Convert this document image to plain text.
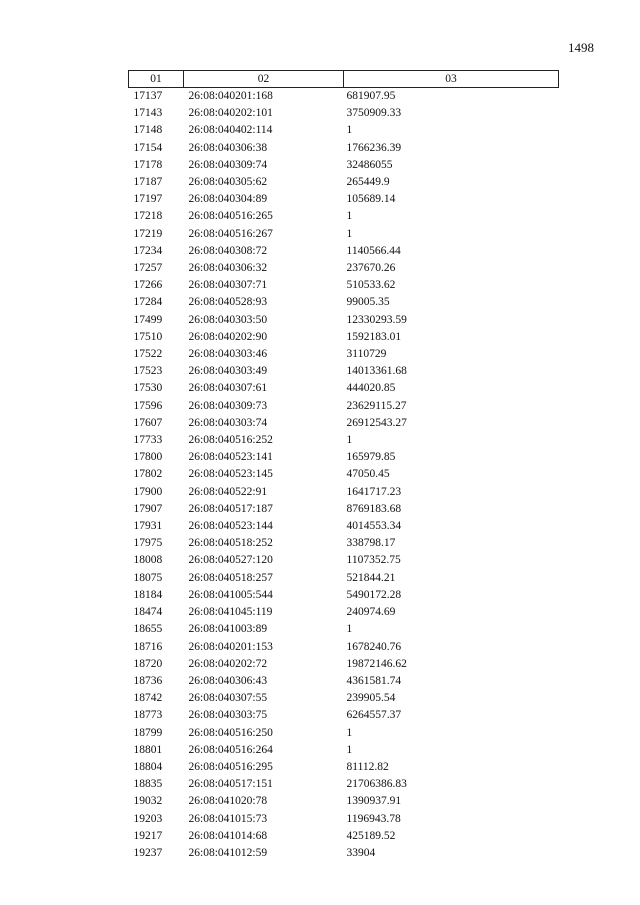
1498
01	02	03
17137	26:08:040201:168	681907.95
17143	26:08:040202:101	3750909.33
17148	26:08:040402:114	1
17154	26:08:040306:38	1766236.39
17178	26:08:040309:74	32486055
17187	26:08:040305:62	265449.9
17197	26:08:040304:89	105689.14
17218	26:08:040516:265	1
17219	26:08:040516:267	1
17234	26:08:040308:72	1140566.44
17257	26:08:040306:32	237670.26
17266	26:08:040307:71	510533.62
17284	26:08:040528:93	99005.35
17499	26:08:040303:50	12330293.59
17510	26:08:040202:90	1592183.01
17522	26:08:040303:46	3110729
17523	26:08:040303:49	14013361.68
17530	26:08:040307:61	444020.85
17596	26:08:040309:73	23629115.27
17607	26:08:040303:74	26912543.27
17733	26:08:040516:252	1
17800	26:08:040523:141	165979.85
17802	26:08:040523:145	47050.45
17900	26:08:040522:91	1641717.23
17907	26:08:040517:187	8769183.68
17931	26:08:040523:144	4014553.34
17975	26:08:040518:252	338798.17
18008	26:08:040527:120	1107352.75
18075	26:08:040518:257	521844.21
18184	26:08:041005:544	5490172.28
18474	26:08:041045:119	240974.69
18655	26:08:041003:89	1
18716	26:08:040201:153	1678240.76
18720	26:08:040202:72	19872146.62
18736	26:08:040306:43	4361581.74
18742	26:08:040307:55	239905.54
18773	26:08:040303:75	6264557.37
18799	26:08:040516:250	1
18801	26:08:040516:264	1
18804	26:08:040516:295	81112.82
18835	26:08:040517:151	21706386.83
19032	26:08:041020:78	1390937.91
19203	26:08:041015:73	1196943.78
19217	26:08:041014:68	425189.52
19237	26:08:041012:59	33904
